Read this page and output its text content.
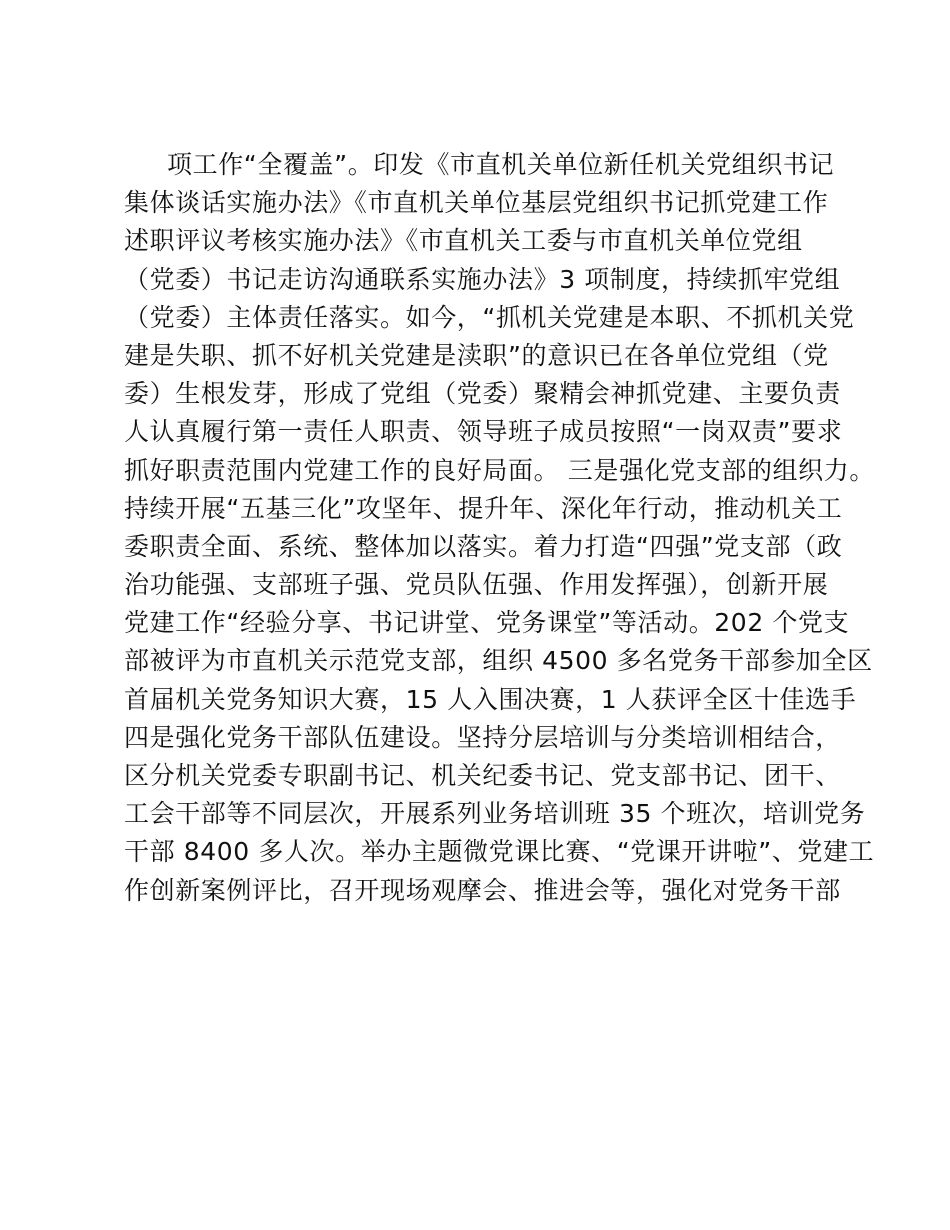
项工作“全覆盖”。印发《市直机关单位新任机关党组织书记
集体谈话实施办法》《市直机关单位基层党组织书记抓党建工作
述职评议考核实施办法》《市直机关工委与市直机关单位党组
（党委）书记走访沟通联系实施办法》3 项制度，持续抓牢党组
（党委）主体责任落实。如今，“抓机关党建是本职、不抓机关党
建是失职、抓不好机关党建是渎职”的意识已在各单位党组（党
委）生根发芽，形成了党组（党委）聚精会神抓党建、主要负责
人认真履行第一责任人职责、领导班子成员按照“一岗双责”要求
抓好职责范围内党建工作的良好局面。 三是强化党支部的组织力。
持续开展“五基三化”攻坚年、提升年、深化年行动，推动机关工
委职责全面、系统、整体加以落实。着力打造“四强”党支部（政
治功能强、支部班子强、党员队伍强、作用发挥强），创新开展
党建工作“经验分享、书记讲堂、党务课堂”等活动。202 个党支
部被评为市直机关示范党支部，组织 4500 多名党务干部参加全区
首届机关党务知识大赛，15 人入围决赛，1 人获评全区十佳选手
四是强化党务干部队伍建设。坚持分层培训与分类培训相结合，
区分机关党委专职副书记、机关纪委书记、党支部书记、团干、
工会干部等不同层次，开展系列业务培训班 35 个班次，培训党务
干部 8400 多人次。举办主题微党课比赛、“党课开讲啦”、党建工
作创新案例评比，召开现场观摩会、推进会等，强化对党务干部
